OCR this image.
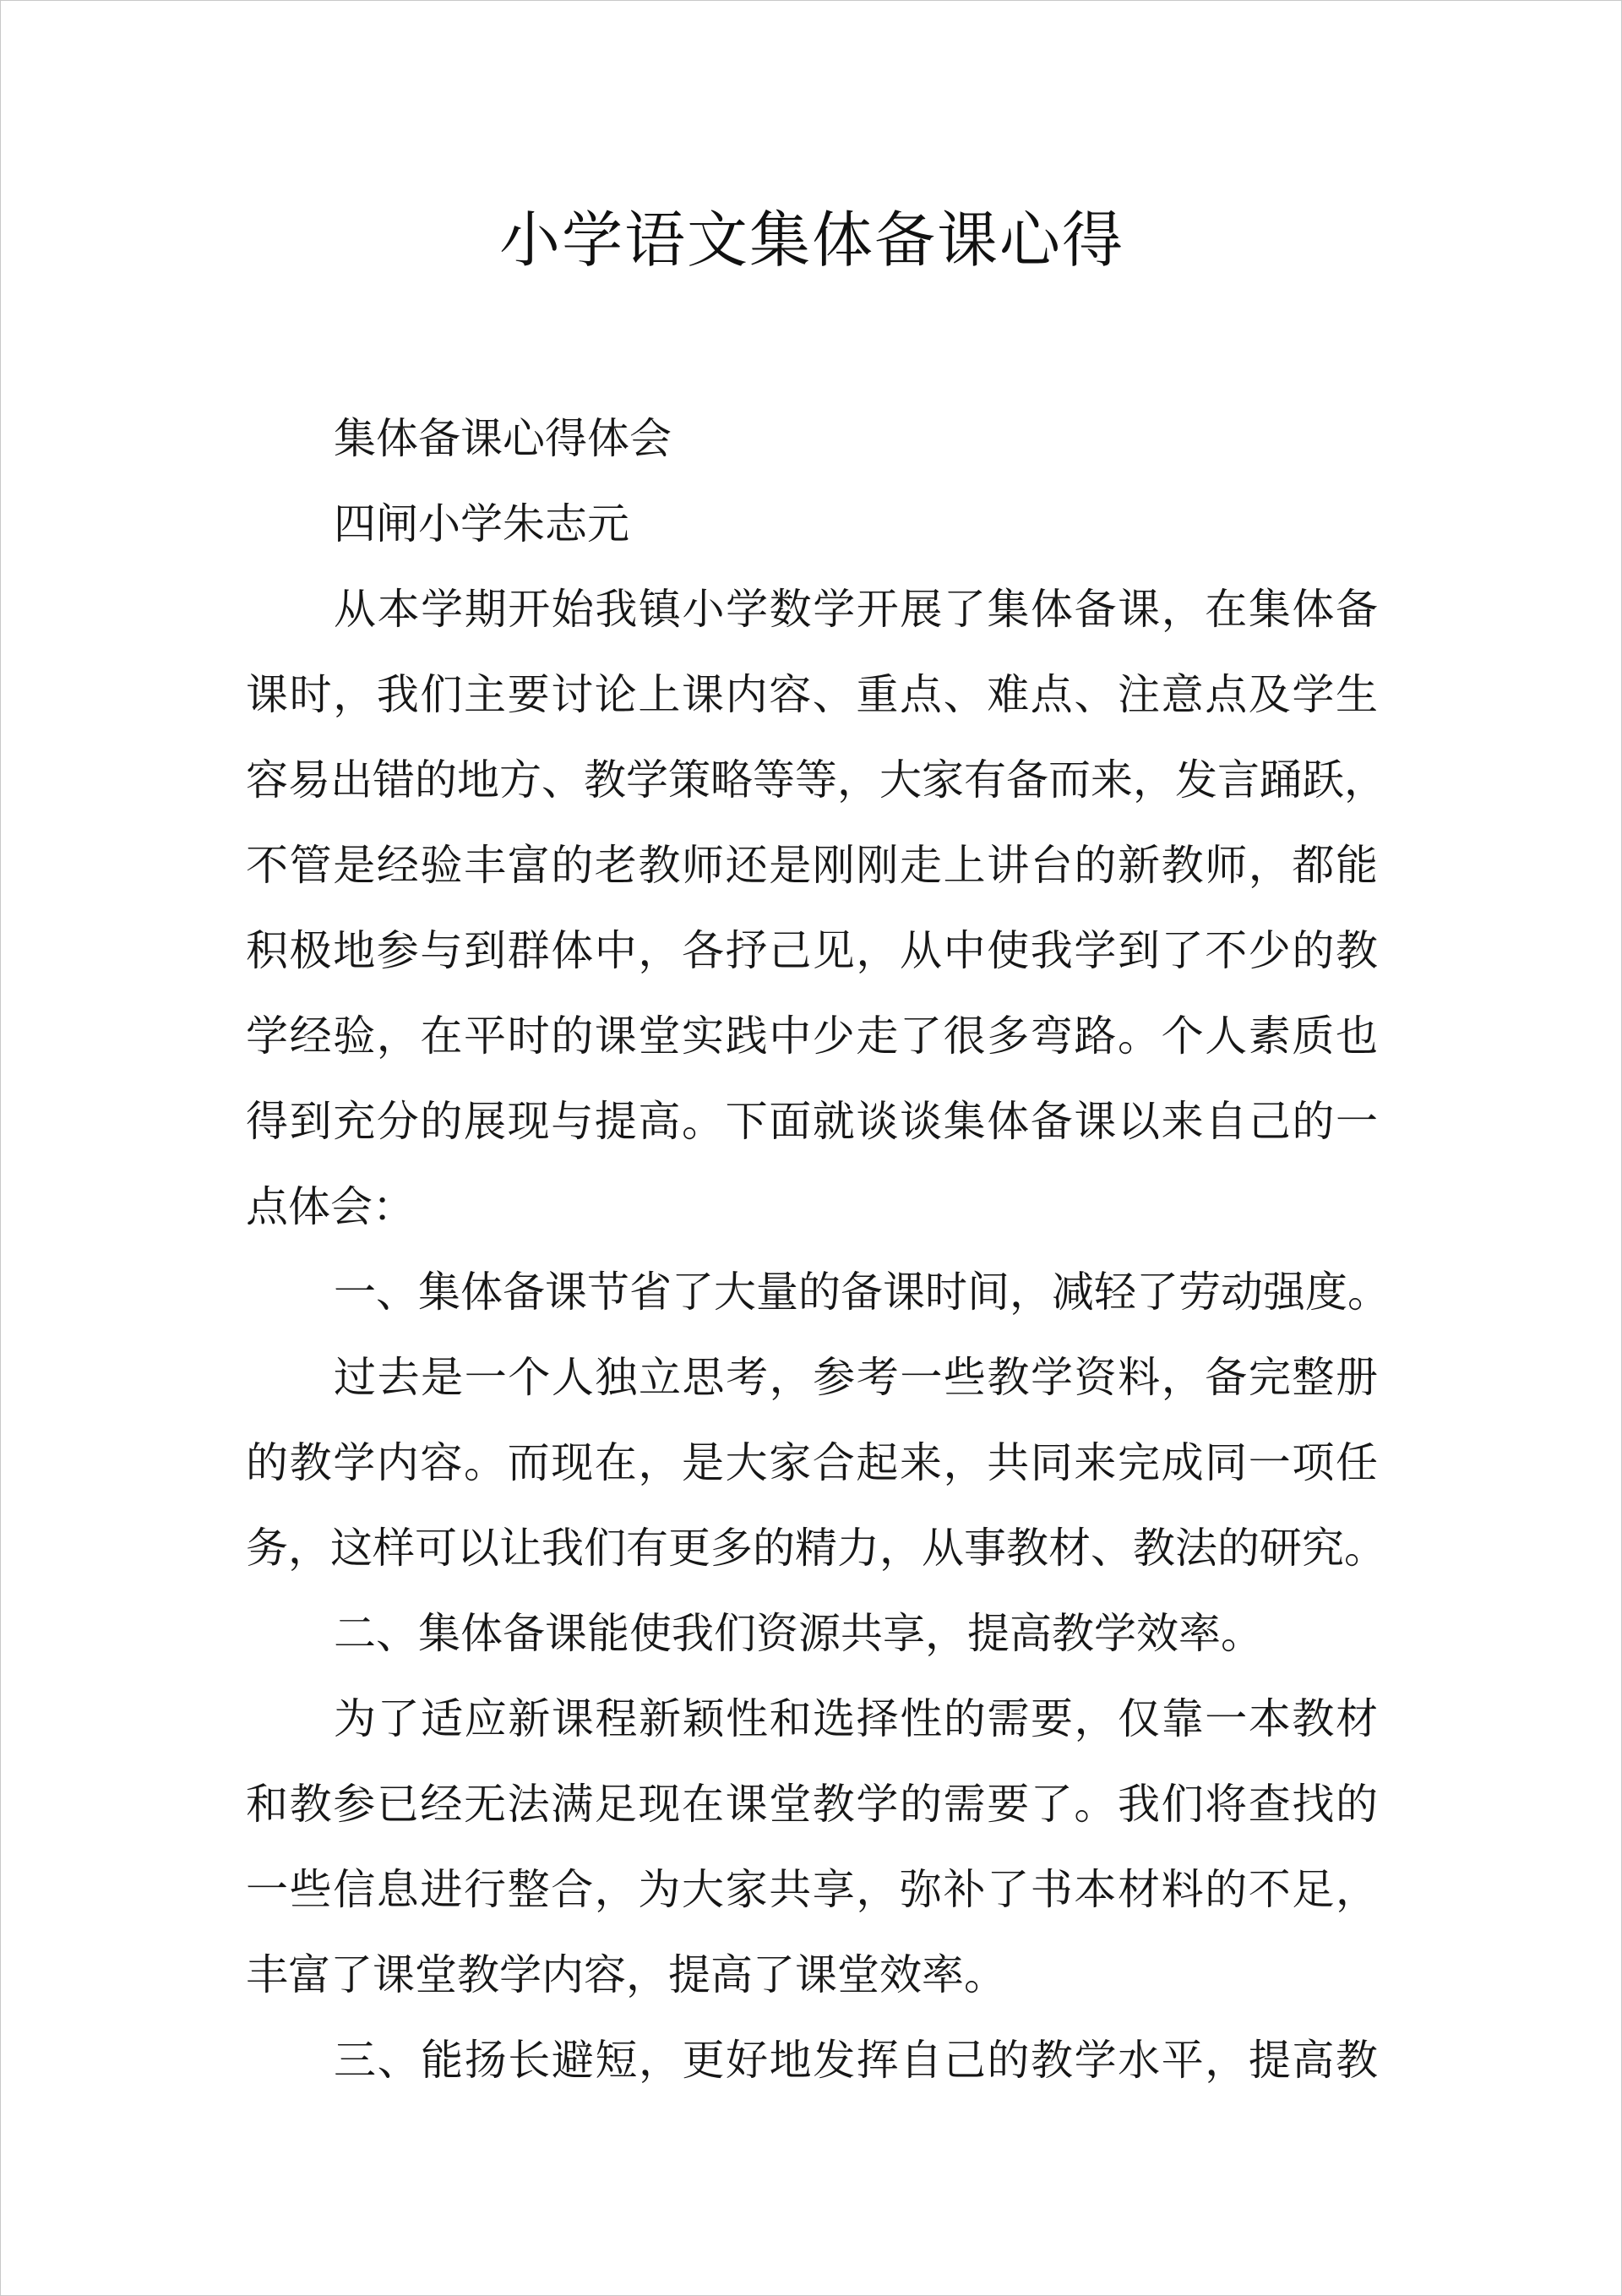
小学语文集体备课心得
集体备课心得体会
四闸小学朱志元
从本学期开始我镇小学数学开展了集体备课，在集体备
课时，我们主要讨论上课内容、重点、难点、注意点及学生
容易出错的地方、教学策略等等，大家有备而来，发言踊跃，
不管是经验丰富的老教师还是刚刚走上讲台的新教师，都能
积极地参与到群体中，各抒己见，从中使我学到了不少的教
学经验，在平时的课堂实践中少走了很多弯路。个人素质也
得到充分的展现与提高。下面就谈谈集体备课以来自己的一
点体会：
一、集体备课节省了大量的备课时间，减轻了劳动强度。
过去是一个人独立思考，参考一些教学资料，备完整册
的教学内容。而现在，是大家合起来，共同来完成同一项任
务，这样可以让我们有更多的精力，从事教材、教法的研究。
二、集体备课能使我们资源共享，提高教学效率。
为了适应新课程新颖性和选择性的需要，仅靠一本教材
和教参已经无法满足现在课堂教学的需要了。我们将查找的
一些信息进行整合，为大家共享，弥补了书本材料的不足，
丰富了课堂教学内容，提高了课堂效率。
三、能扬长避短，更好地发挥自己的教学水平，提高教
